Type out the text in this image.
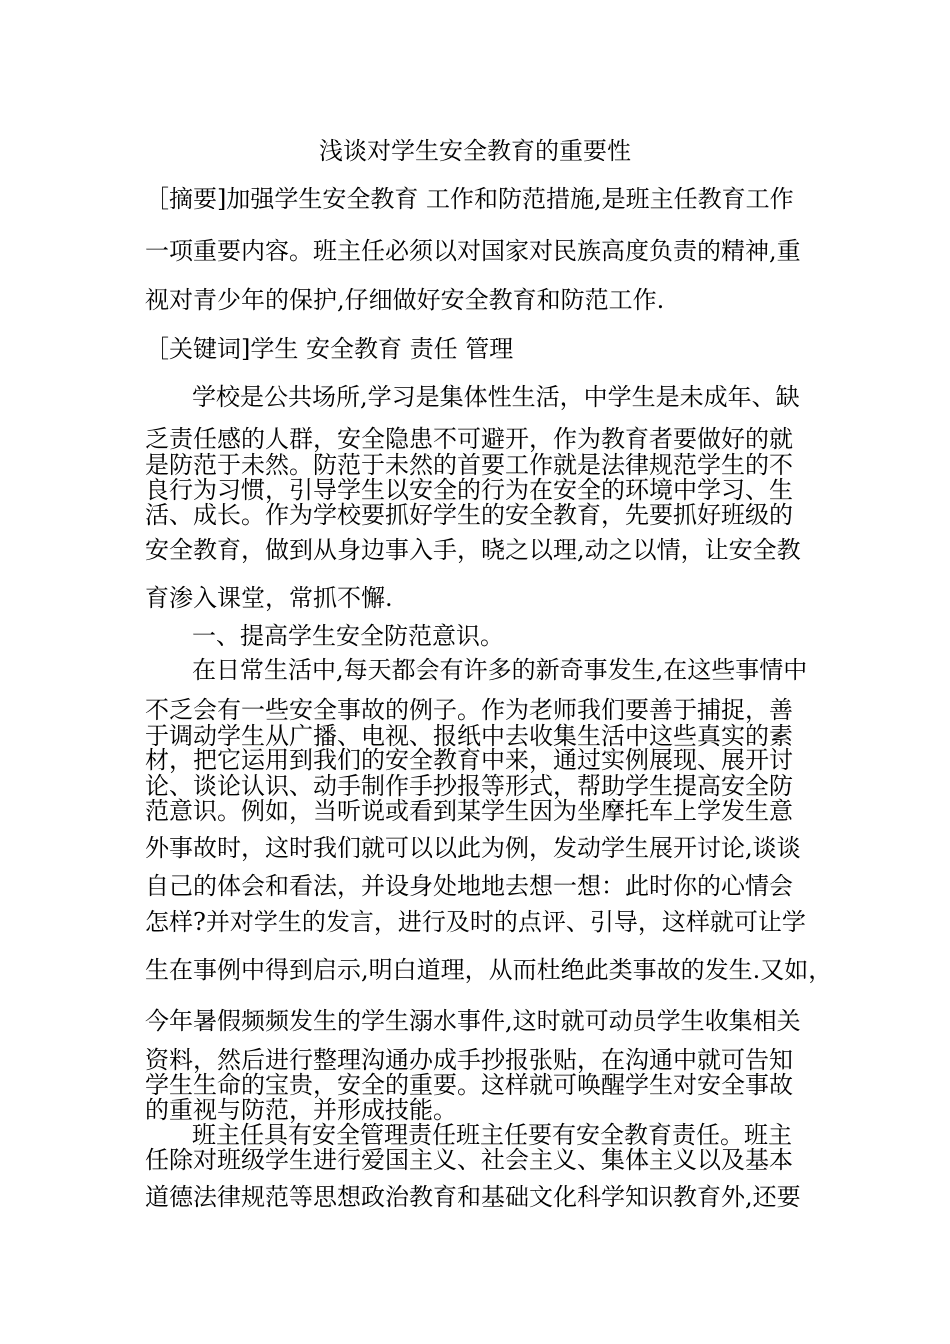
浅谈对学生安全教育的重要性
［摘要]加强学生安全教育 工作和防范措施,是班主任教育工作
一项重要内容。班主任必须以对国家对民族高度负责的精神,重
视对青少年的保护,仔细做好安全教育和防范工作.
［关键词]学生 安全教育 责任 管理
学校是公共场所,学习是集体性生活，中学生是未成年、缺
乏责任感的人群，安全隐患不可避开，作为教育者要做好的就
是防范于未然。防范于未然的首要工作就是法律规范学生的不
良行为习惯，引导学生以安全的行为在安全的环境中学习、生
活、成长。作为学校要抓好学生的安全教育，先要抓好班级的
安全教育，做到从身边事入手，晓之以理,动之以情，让安全教
育渗入课堂，常抓不懈.
一、提高学生安全防范意识。
在日常生活中,每天都会有许多的新奇事发生,在这些事情中
不乏会有一些安全事故的例子。作为老师我们要善于捕捉，善
于调动学生从广播、电视、报纸中去收集生活中这些真实的素
材，把它运用到我们的安全教育中来，通过实例展现、展开讨
论、谈论认识、动手制作手抄报等形式，帮助学生提高安全防
范意识。例如，当听说或看到某学生因为坐摩托车上学发生意
外事故时，这时我们就可以以此为例，发动学生展开讨论,谈谈
自己的体会和看法，并设身处地地去想一想：此时你的心情会
怎样?并对学生的发言，进行及时的点评、引导，这样就可让学
生在事例中得到启示,明白道理，从而杜绝此类事故的发生.又如，
今年暑假频频发生的学生溺水事件,这时就可动员学生收集相关
资料，然后进行整理沟通办成手抄报张贴，在沟通中就可告知
学生生命的宝贵，安全的重要。这样就可唤醒学生对安全事故
的重视与防范，并形成技能。
班主任具有安全管理责任班主任要有安全教育责任。班主
任除对班级学生进行爱国主义、社会主义、集体主义以及基本
道德法律规范等思想政治教育和基础文化科学知识教育外,还要
